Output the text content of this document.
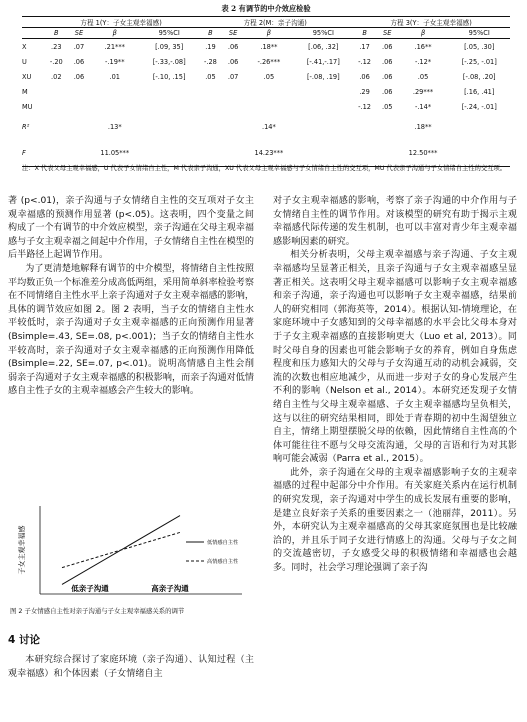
表 2 有调节的中介效应检验
	方程 1(Y：子女主观幸福感)				方程 2(M：亲子沟通)				方程 3(Y：子女主观幸福感)			
	B	SE	β	95%CI	B	SE	β	95%CI	B	SE	β	95%CI
X	.23	.07	.21***	[.09, 35]	.19	.06	.18**	[.06, .32]	.17	.06	.16**	[.05, .30]
U	-.20	.06	-.19**	[-.33,-.08]	-.28	.06	-.26***	[-.41,-.17]	-.12	.06	-.12*	[-.25, -.01]
XU	.02	.06	.01	[-.10, .15]	.05	.07	.05	[-.08, .19]	.06	.06	.05	[-.08, .20]
M									.29	.06	.29***	[.16, .41]
MU									-.12	.05	-.14*	[-.24, -.01]
R²			.13*				.14*				.18**	
F			11.05***				14.23***				12.50***	
注：X 代表父母主观幸福感，U 代表子女情绪自主性，M 代表亲子沟通，XU 代表父母主观幸福感与子女情绪自主性的交互项，MU 代表亲子沟通与子女情绪自主性的交互项。

著 (p<.01)，亲子沟通与子女情绪自主性的交互项对子女主观幸福感的预测作用显著 (p<.05)。这表明，四个变量之间构成了一个有调节的中介效应模型，亲子沟通在父母主观幸福感与子女主观幸福之间起中介作用，子女情绪自主性在模型的后半路径上起调节作用。

为了更清楚地解释有调节的中介模型，将情绪自主性按照平均数正负一个标准差分成高低两组，采用简单斜率检验考察在不同情绪自主性水平上亲子沟通对子女主观幸福感的影响，具体的调节效应如图 2。图 2 表明，当子女的情绪自主性水平较低时，亲子沟通对子女主观幸福感的正向预测作用显著 (Bsimple=.43, SE=.08, p<.001)；当子女的情绪自主性水平较高时，亲子沟通对子女主观幸福感的正向预测作用降低 (Bsimple=.22, SE=.07, p<.01)。说明高情感自主性会削弱亲子沟通对子女主观幸福感的积极影响，而亲子沟通对低情感自主性子女的主观幸福感会产生较大的影响。

子女主观幸福感
低亲子沟通	高亲子沟通
低情感自主性
高情感自主性
图 2 子女情感自主性对亲子沟通与子女主观幸福感关系的调节
4 讨论

本研究综合探讨了家庭环境（亲子沟通）、认知过程（主观幸福感）和个体因素（子女情绪自主

对子女主观幸福感的影响，考察了亲子沟通的中介作用与子女情绪自主性的调节作用。对该模型的研究有助于揭示主观幸福感代际传递的发生机制，也可以丰富对青少年主观幸福感影响因素的研究。

相关分析表明，父母主观幸福感与亲子沟通、子女主观幸福感均呈显著正相关，且亲子沟通与子女主观幸福感呈显著正相关。这表明父母主观幸福感可以影响子女主观幸福感和亲子沟通，亲子沟通也可以影响子女主观幸福感，结果前人的研究相同（郭海英等，2014）。根据认知-情境理论，在家庭环境中子女感知到的父母幸福感的水平会比父母本身对于子女主观幸福感的直接影响更大（Luo et al, 2013）。同时父母自身的因素也可能会影响子女的养育，例如自身焦虑程度和压力感知大的父母与子女沟通互动的动机会减弱，交流的次数也相应地减少，从而进一步对子女的身心发展产生不利的影响（Nelson et al., 2014）。本研究还发现子女情绪自主性与父母主观幸福感、子女主观幸福感均呈负相关，这与以往的研究结果相同，即处于青春期的初中生渴望独立自主，情绪上期望摆脱父母的依赖，因此情绪自主性高的个体可能往往不愿与父母交流沟通，父母的言语和行为对其影响可能会减弱（Parra et al., 2015）。

此外，亲子沟通在父母的主观幸福感影响子女的主观幸福感的过程中起部分中介作用。有关家庭关系内在运行机制的研究发现，亲子沟通对中学生的成长发展有重要的影响，是建立良好亲子关系的重要因素之一（池丽萍，2011）。另外，本研究认为主观幸福感高的父母其家庭氛围也是比较融洽的，并且乐于同子女进行情感上的沟通。父母与子女之间的交流越密切，子女感受父母的积极情绪和幸福感也会越多。同时，社会学习理论强调了亲子沟
